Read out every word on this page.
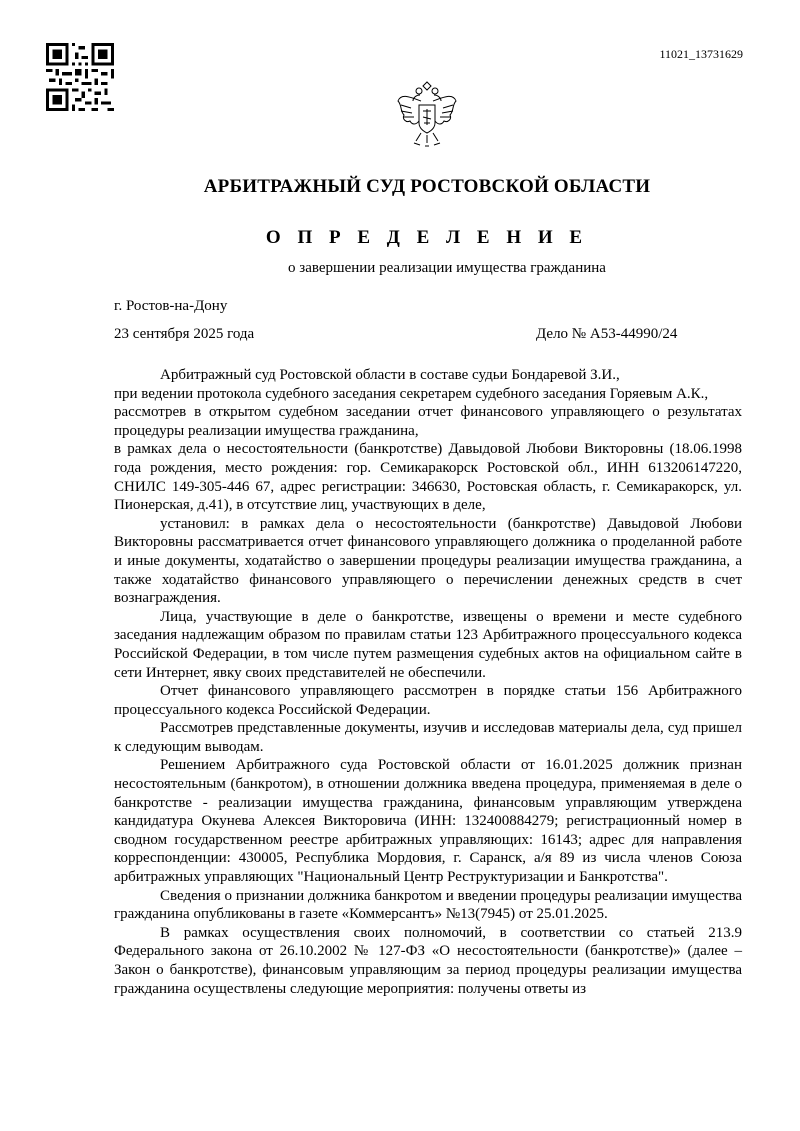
11021_13731629
АРБИТРАЖНЫЙ СУД РОСТОВСКОЙ ОБЛАСТИ
О П Р Е Д Е Л Е Н И Е
о завершении реализации имущества гражданина
г. Ростов-на-Дону
23 сентября 2025 года	Дело № А53-44990/24

Арбитражный суд Ростовской области в составе судьи Бондаревой З.И.,

при ведении протокола судебного заседания секретарем судебного заседания Горяевым А.К.,

рассмотрев в открытом судебном заседании отчет финансового управляющего о результатах процедуры реализации имущества гражданина,

в рамках дела о несостоятельности (банкротстве) Давыдовой Любови Викторовны (18.06.1998 года рождения, место рождения: гор. Семикаракорск Ростовской обл., ИНН 613206147220, СНИЛС 149-305-446 67, адрес регистрации: 346630, Ростовская область, г. Семикаракорск, ул. Пионерская, д.41), в отсутствие лиц, участвующих в деле,

установил: в рамках дела о несостоятельности (банкротстве) Давыдовой Любови Викторовны рассматривается отчет финансового управляющего должника о проделанной работе и иные документы, ходатайство о завершении процедуры реализации имущества гражданина, а также ходатайство финансового управляющего о перечислении денежных средств в счет вознаграждения.

Лица, участвующие в деле о банкротстве, извещены о времени и месте судебного заседания надлежащим образом по правилам статьи 123 Арбитражного процессуального кодекса Российской Федерации, в том числе путем размещения судебных актов на официальном сайте в сети Интернет, явку своих представителей не обеспечили.

Отчет финансового управляющего рассмотрен в порядке статьи 156 Арбитражного процессуального кодекса Российской Федерации.

Рассмотрев представленные документы, изучив и исследовав материалы дела, суд пришел к следующим выводам.

Решением Арбитражного суда Ростовской области от 16.01.2025 должник признан несостоятельным (банкротом), в отношении должника введена процедура, применяемая в деле о банкротстве - реализации имущества гражданина, финансовым управляющим утверждена кандидатура Окунева Алексея Викторовича (ИНН: 132400884279; регистрационный номер в сводном государственном реестре арбитражных управляющих: 16143; адрес для направления корреспонденции: 430005, Республика Мордовия, г. Саранск, а/я 89 из числа членов Союза арбитражных управляющих "Национальный Центр Реструктуризации и Банкротства".

Сведения о признании должника банкротом и введении процедуры реализации имущества гражданина опубликованы в газете «Коммерсантъ» №13(7945) от 25.01.2025.

В рамках осуществления своих полномочий, в соответствии со статьей 213.9 Федерального закона от 26.10.2002 № 127-ФЗ «О несостоятельности (банкротстве)» (далее – Закон о банкротстве), финансовым управляющим за период процедуры реализации имущества гражданина осуществлены следующие мероприятия: получены ответы из
